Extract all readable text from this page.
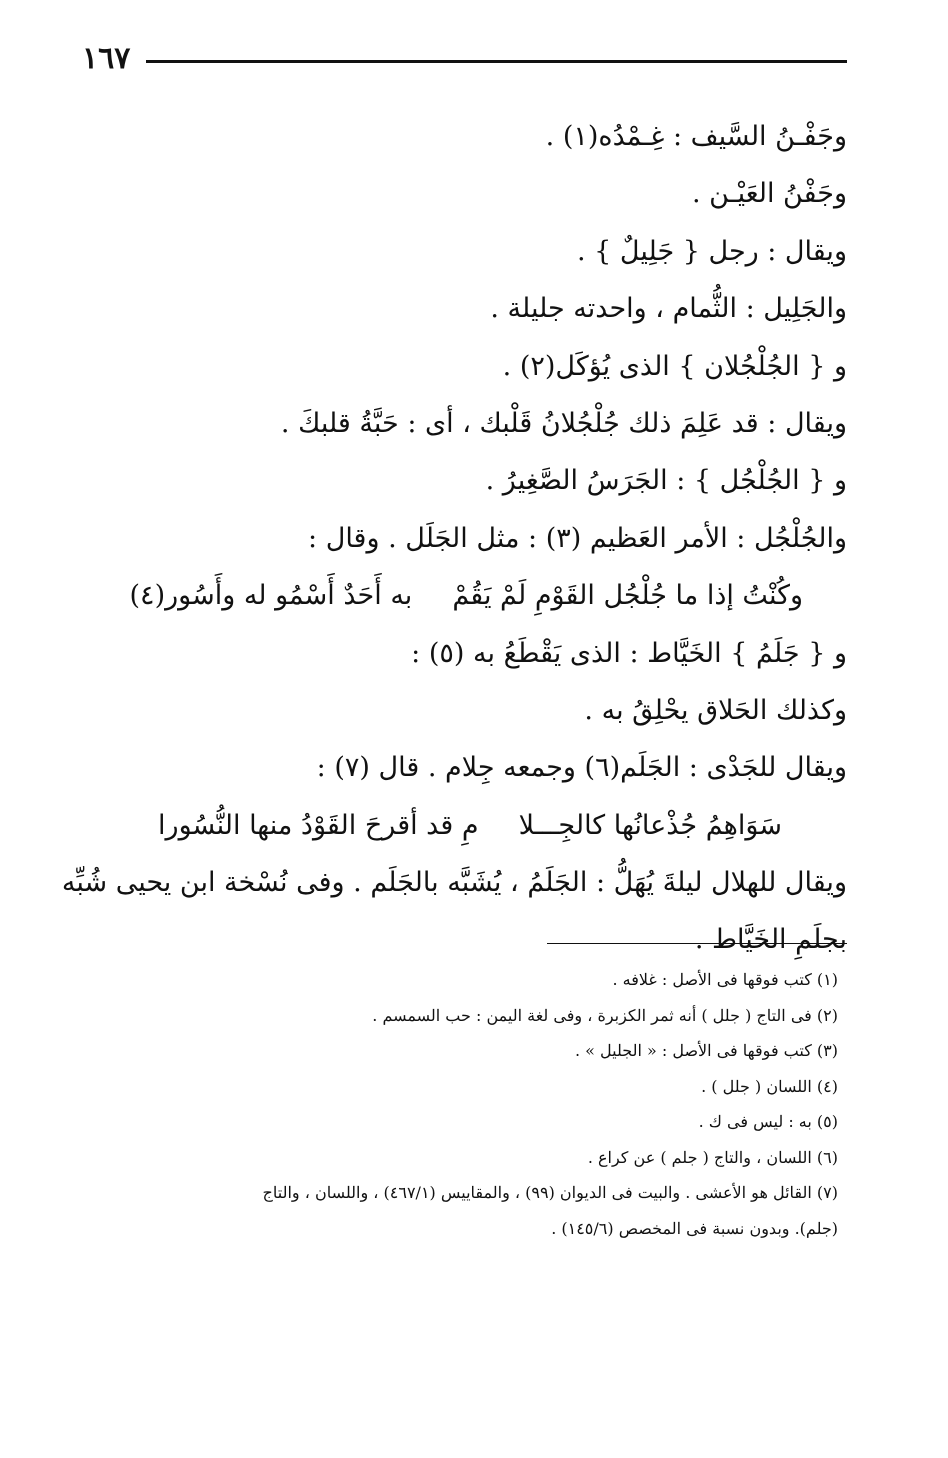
١٦٧
وجَفْـنُ السَّيف : غِـمْدُه(١) .
وجَفْنُ العَيْـن .
ويقال : رجل { جَلِيلٌ } .
والجَلِيل : الثُّمام ، واحدته جليلة .
و { الجُلْجُلان } الذى يُؤكَل(٢) .
ويقال : قد عَلِمَ ذلك جُلْجُلانُ قَلْبك ، أى : حَبَّةُ قلبكَ .
و { الجُلْجُل } : الجَرَسُ الصَّغِيرُ .
والجُلْجُل : الأمر العَظيم (٣) : مثل الجَلَل . وقال :
وكُنْتُ إذا ما جُلْجُل القَوْمِ لَمْ يَقُمْ
به أَحَدٌ أَسْمُو له وأَسُور(٤)
و { جَلَمُ } الخَيَّاط : الذى يَقْطَعُ به (٥) :
وكذلك الحَلاق يحْلِقُ به .
ويقال للجَدْى : الجَلَم(٦) وجمعه جِلام . قال (٧) :
سَوَاهِمُ جُذْعانُها كالجِـــلا
مِ قد أقرحَ القَوْدُ منها النُّسُورا
ويقال للهلال ليلةَ يُهَلُّ : الجَلَمُ ، يُشَبَّه بالجَلَم . وفى نُسْخة ابن يحيى شُبِّه
بجلَمِ الخَيَّاط .
(١) كتب فوقها فى الأصل : غلافه .
(٢) فى التاج ( جلل ) أنه ثمر الكزبرة ، وفى لغة اليمن : حب السمسم .
(٣) كتب فوقها فى الأصل : « الجليل » .
(٤) اللسان ( جلل ) .
(٥) به : ليس فى ك .
(٦) اللسان ، والتاج ( جلم ) عن كراع .
(٧) القائل هو الأعشى . والبيت فى الديوان (٩٩) ، والمقاييس (٤٦٧/١) ، واللسان ، والتاج
(جلم). وبدون نسبة فى المخصص (١٤٥/٦) .
